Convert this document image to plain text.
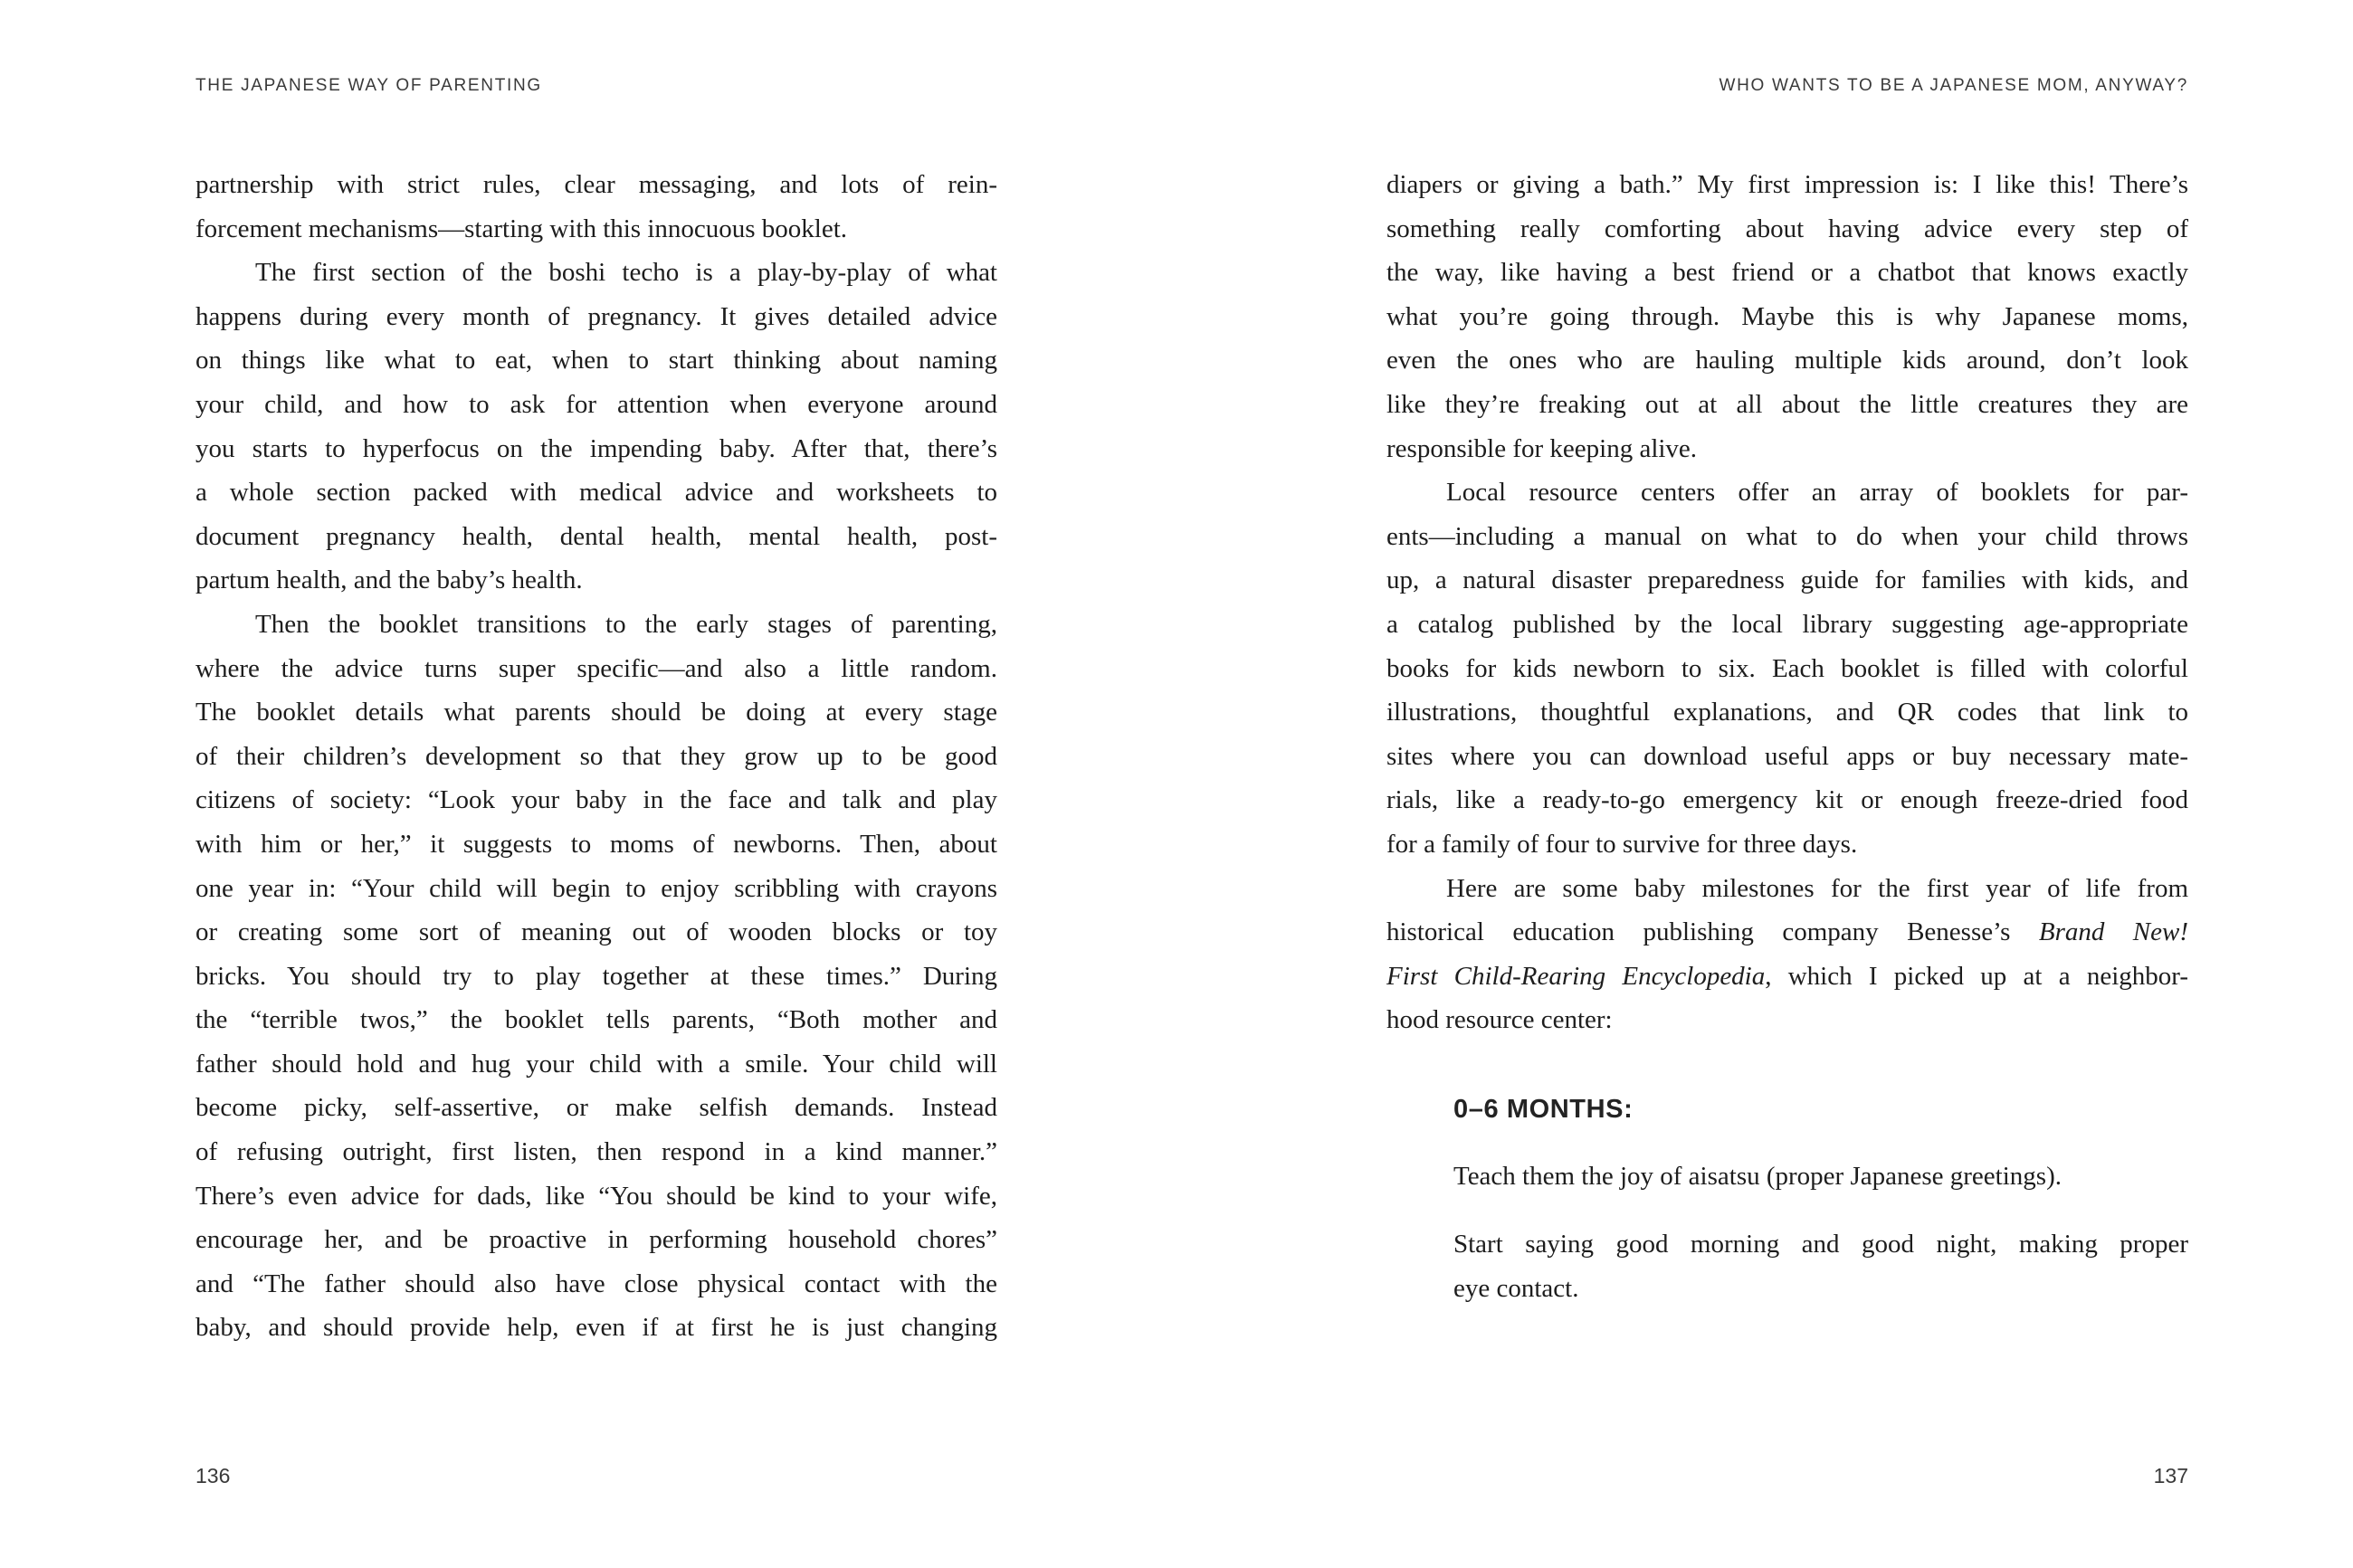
THE JAPANESE WAY OF PARENTING
partnership with strict rules, clear messaging, and lots of rein-
forcement mechanisms—starting with this innocuous booklet.
The first section of the boshi techo is a play-by-play of what
happens during every month of pregnancy. It gives detailed advice
on things like what to eat, when to start thinking about naming
your child, and how to ask for attention when everyone around
you starts to hyperfocus on the impending baby. After that, there’s
a whole section packed with medical advice and worksheets to
document pregnancy health, dental health, mental health, post-
partum health, and the baby’s health.
Then the booklet transitions to the early stages of parenting,
where the advice turns super specific—and also a little random.
The booklet details what parents should be doing at every stage
of their children’s development so that they grow up to be good
citizens of society: “Look your baby in the face and talk and play
with him or her,” it suggests to moms of newborns. Then, about
one year in: “Your child will begin to enjoy scribbling with crayons
or creating some sort of meaning out of wooden blocks or toy
bricks. You should try to play together at these times.” During
the “terrible twos,” the booklet tells parents, “Both mother and
father should hold and hug your child with a smile. Your child will
become picky, self-assertive, or make selfish demands. Instead
of refusing outright, first listen, then respond in a kind manner.”
There’s even advice for dads, like “You should be kind to your wife,
encourage her, and be proactive in performing household chores”
and “The father should also have close physical contact with the
baby, and should provide help, even if at first he is just changing
136
WHO WANTS TO BE A JAPANESE MOM, ANYWAY?
diapers or giving a bath.” My first impression is: I like this! There’s
something really comforting about having advice every step of
the way, like having a best friend or a chatbot that knows exactly
what you’re going through. Maybe this is why Japanese moms,
even the ones who are hauling multiple kids around, don’t look
like they’re freaking out at all about the little creatures they are
responsible for keeping alive.
Local resource centers offer an array of booklets for par-
ents—including a manual on what to do when your child throws
up, a natural disaster preparedness guide for families with kids, and
a catalog published by the local library suggesting age-appropriate
books for kids newborn to six. Each booklet is filled with colorful
illustrations, thoughtful explanations, and QR codes that link to
sites where you can download useful apps or buy necessary mate-
rials, like a ready-to-go emergency kit or enough freeze-dried food
for a family of four to survive for three days.
Here are some baby milestones for the first year of life from
historical education publishing company Benesse’s Brand New!
First Child-Rearing Encyclopedia, which I picked up at a neighbor-
hood resource center:
0–6 MONTHS:
Teach them the joy of aisatsu (proper Japanese greetings).
Start saying good morning and good night, making proper
eye contact.
137
